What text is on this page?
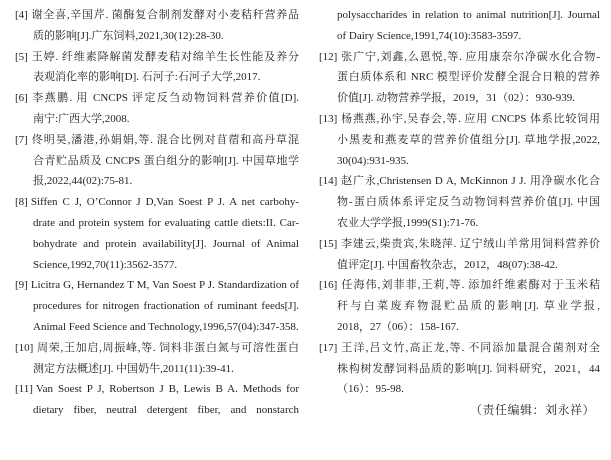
[4] 谢全喜,辛国芹. 菌酶复合制剂发酵对小麦秸秆营养品
质的影响[J].广东饲料,2021,30(12):28-30.
[5] 王婷. 纤维素降解菌发酵麦秸对绵羊生长性能及养分
表观消化率的影响[D]. 石河子:石河子大学,2017.
[6] 李燕鹏. 用 CNCPS 评定反刍动物饲料营养价值[D].
南宁:广西大学,2008.
[7] 佟明昊,潘港,孙娟娟,等. 混合比例对苜蓿和高丹草混
合青贮品质及 CNCPS 蛋白组分的影响[J]. 中国草地学
报,2022,44(02):75-81.
[8] Siffen C J, O’Connor J D,Van Soest P J. A net carbohy-
drate and protein system for evaluating cattle diets:II. Car-
bohydrate and protein availability[J]. Journal of Animal
Science,1992,70(11):3562-3577.
[9] Licitra G, Hernandez T M, Van Soest P J. Standardization of
procedures for nitrogen fractionation of ruminant feeds[J].
Animal Feed Science and Technology,1996,57(04):347-358.
[10] 周荣,王加启,周振峰,等. 饲料非蛋白氮与可溶性蛋白
测定方法概述[J]. 中国奶牛,2011(11):39-41.
[11] Van Soest P J, Robertson J B, Lewis B A. Methods for
dietary fiber, neutral detergent fiber, and nonstarch
polysaccharides in relation to animal nutrition[J]. Journal
of Dairy Science,1991,74(10):3583-3597.
[12] 张广宁,刘鑫,么恩悦,等. 应用康奈尔净碳水化合物-
蛋白质体系和 NRC 模型评价发酵全混合日粮的营养
价值[J]. 动物营养学报，2019，31（02）：930-939.
[13] 杨燕燕,孙宇,吴春会,等. 应用 CNCPS 体系比较饲用
小黑麦和燕麦草的营养价值组分[J]. 草地学报,2022,
30(04):931-935.
[14] 赵广永,Christensen D A, McKinnon J J. 用净碳水化合
物-蛋白质体系评定反刍动物饲料营养价值[J]. 中国
农业大学学报,1999(S1):71-76.
[15] 李建云,柴贵宾,朱晓萍. 辽宁绒山羊常用饲料营养价
值评定[J]. 中国畜牧杂志，2012，48(07):38-42.
[16] 任海伟,刘菲菲,王莉,等. 添加纤维素酶对于玉米秸
秆与白菜废弃物混贮品质的影响[J]. 草业学报,
2018，27（06）：158-167.
[17] 王洋,吕文竹,高正龙,等. 不同添加量混合菌剂对全
株构树发酵饲料品质的影响[J]. 饲料研究，2021，44
（16）：95-98.
（责任编辑：刘永祥）
